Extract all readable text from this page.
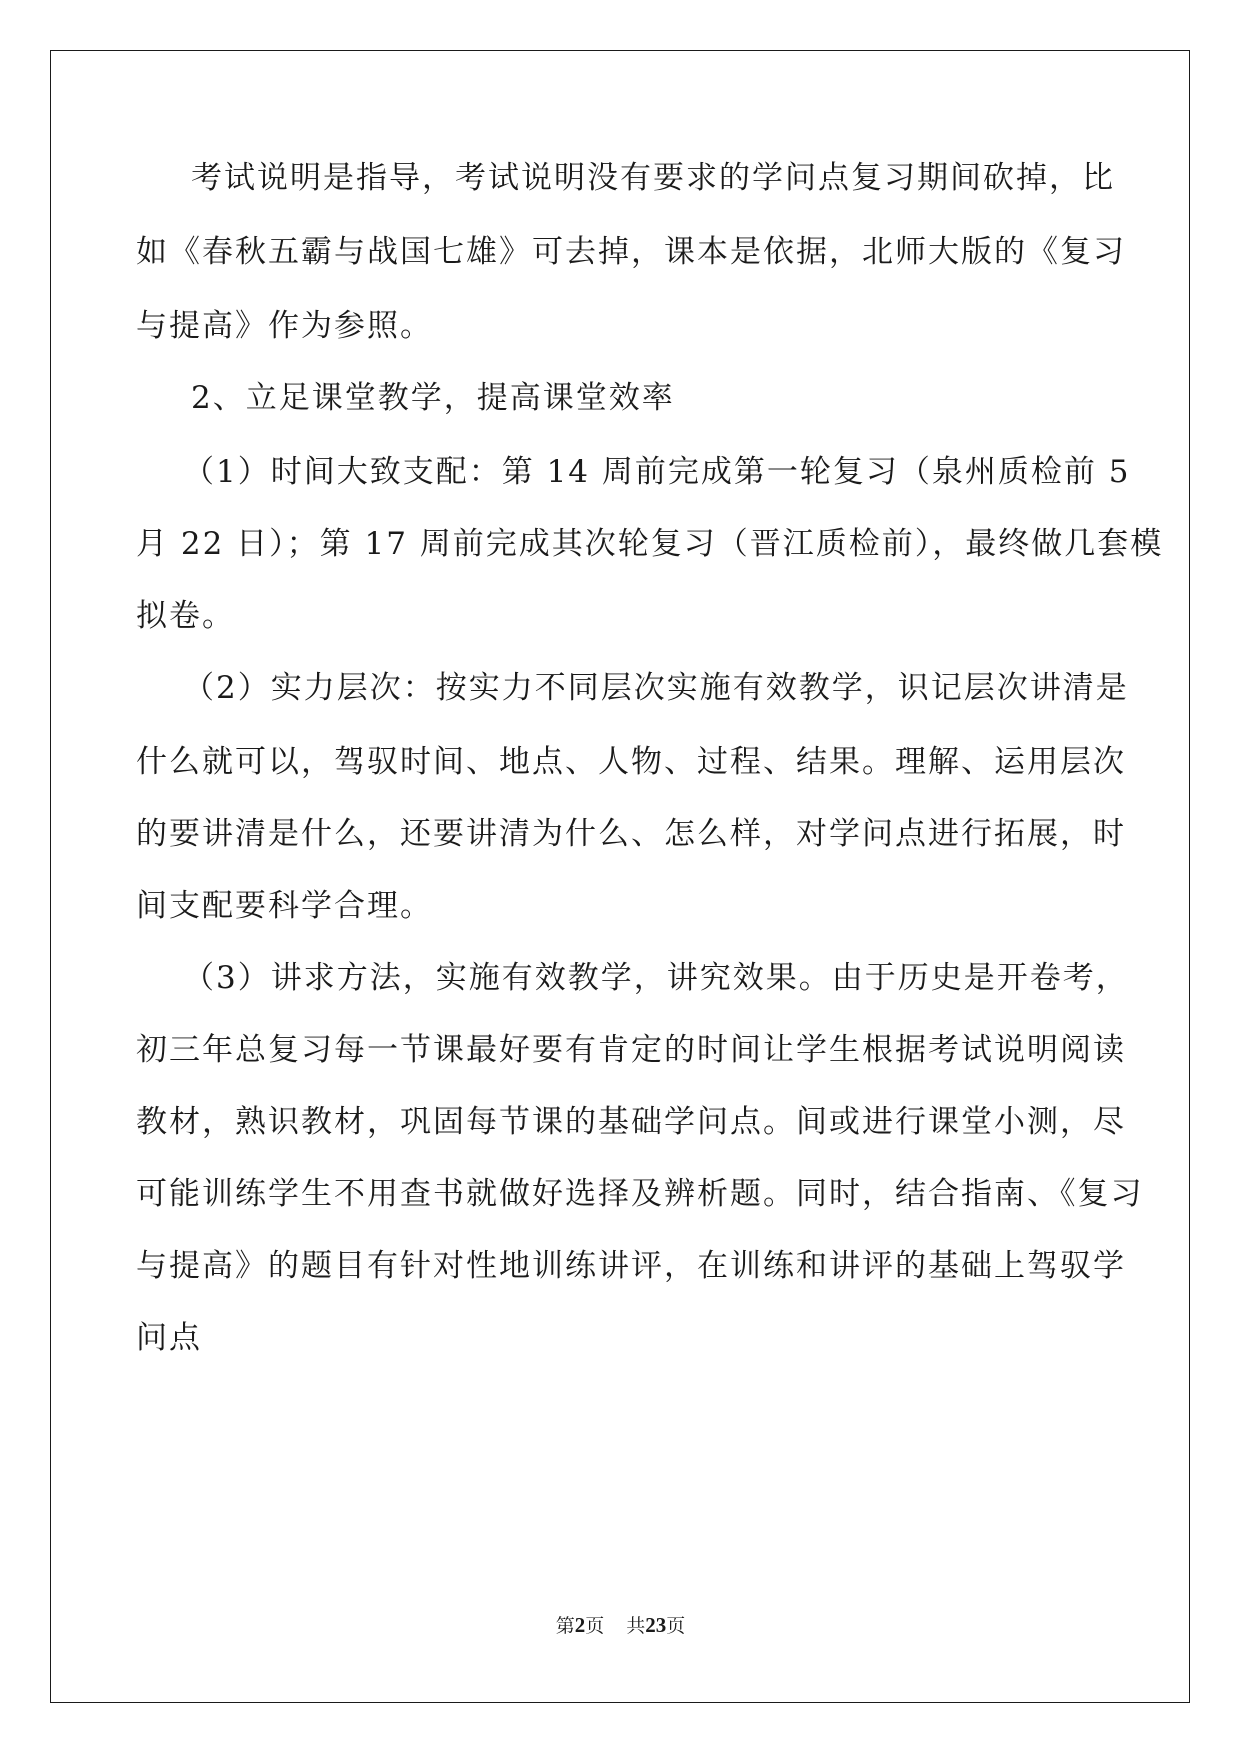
考试说明是指导，考试说明没有要求的学问点复习期间砍掉，比

如《春秋五霸与战国七雄》可去掉，课本是依据，北师大版的《复习

与提高》作为参照。

2、立足课堂教学，提高课堂效率

（1）时间大致支配：第 14 周前完成第一轮复习（泉州质检前 5

月 22 日）；第 17 周前完成其次轮复习（晋江质检前），最终做几套模

拟卷。

（2）实力层次：按实力不同层次实施有效教学，识记层次讲清是

什么就可以，驾驭时间、地点、人物、过程、结果。理解、运用层次

的要讲清是什么，还要讲清为什么、怎么样，对学问点进行拓展，时

间支配要科学合理。

（3）讲求方法，实施有效教学，讲究效果。由于历史是开卷考，

初三年总复习每一节课最好要有肯定的时间让学生根据考试说明阅读

教材，熟识教材，巩固每节课的基础学问点。间或进行课堂小测，尽

可能训练学生不用查书就做好选择及辨析题。同时，结合指南、《复习

与提高》的题目有针对性地训练讲评，在训练和讲评的基础上驾驭学

问点

第2页 共23页
